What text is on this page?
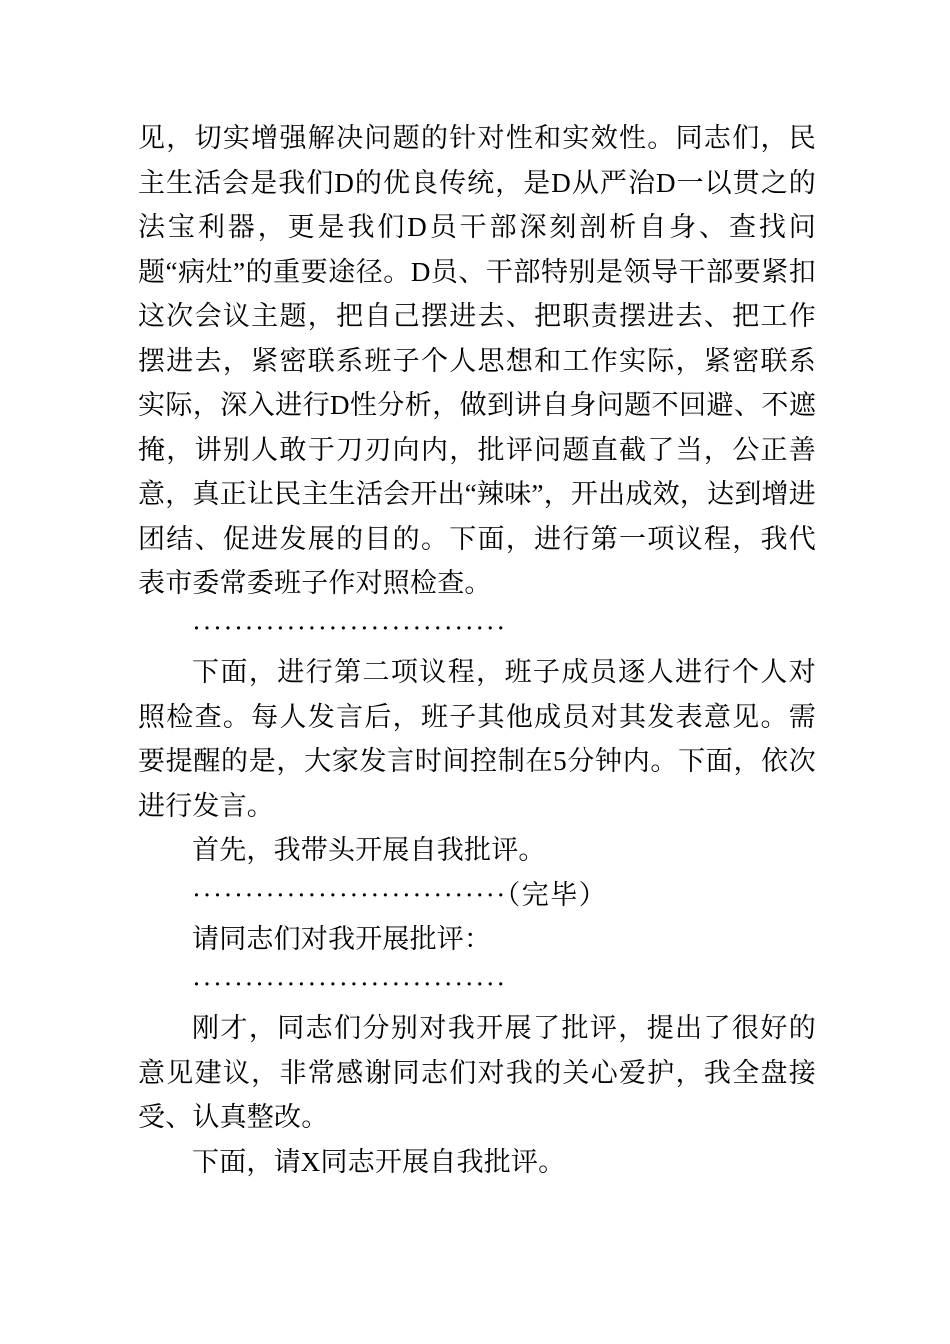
见，切实增强解决问题的针对性和实效性。同志们，民主生活会是我们D的优良传统，是D从严治D一以贯之的法宝利器，更是我们D员干部深刻剖析自身、查找问题“病灶”的重要途径。D员、干部特别是领导干部要紧扣这次会议主题，把自己摆进去、把职责摆进去、把工作摆进去，紧密联系班子个人思想和工作实际，紧密联系实际，深入进行D性分析，做到讲自身问题不回避、不遮掩，讲别人敢于刀刃向内，批评问题直截了当，公正善意，真正让民主生活会开出“辣味”，开出成效，达到增进团结、促进发展的目的。下面，进行第一项议程，我代表市委常委班子作对照检查。

······························

下面，进行第二项议程，班子成员逐人进行个人对照检查。每人发言后，班子其他成员对其发表意见。需要提醒的是，大家发言时间控制在5分钟内。下面，依次进行发言。

首先，我带头开展自我批评。

······························（完毕）

请同志们对我开展批评：

······························

刚才，同志们分别对我开展了批评，提出了很好的意见建议，非常感谢同志们对我的关心爱护，我全盘接受、认真整改。

下面，请X同志开展自我批评。
